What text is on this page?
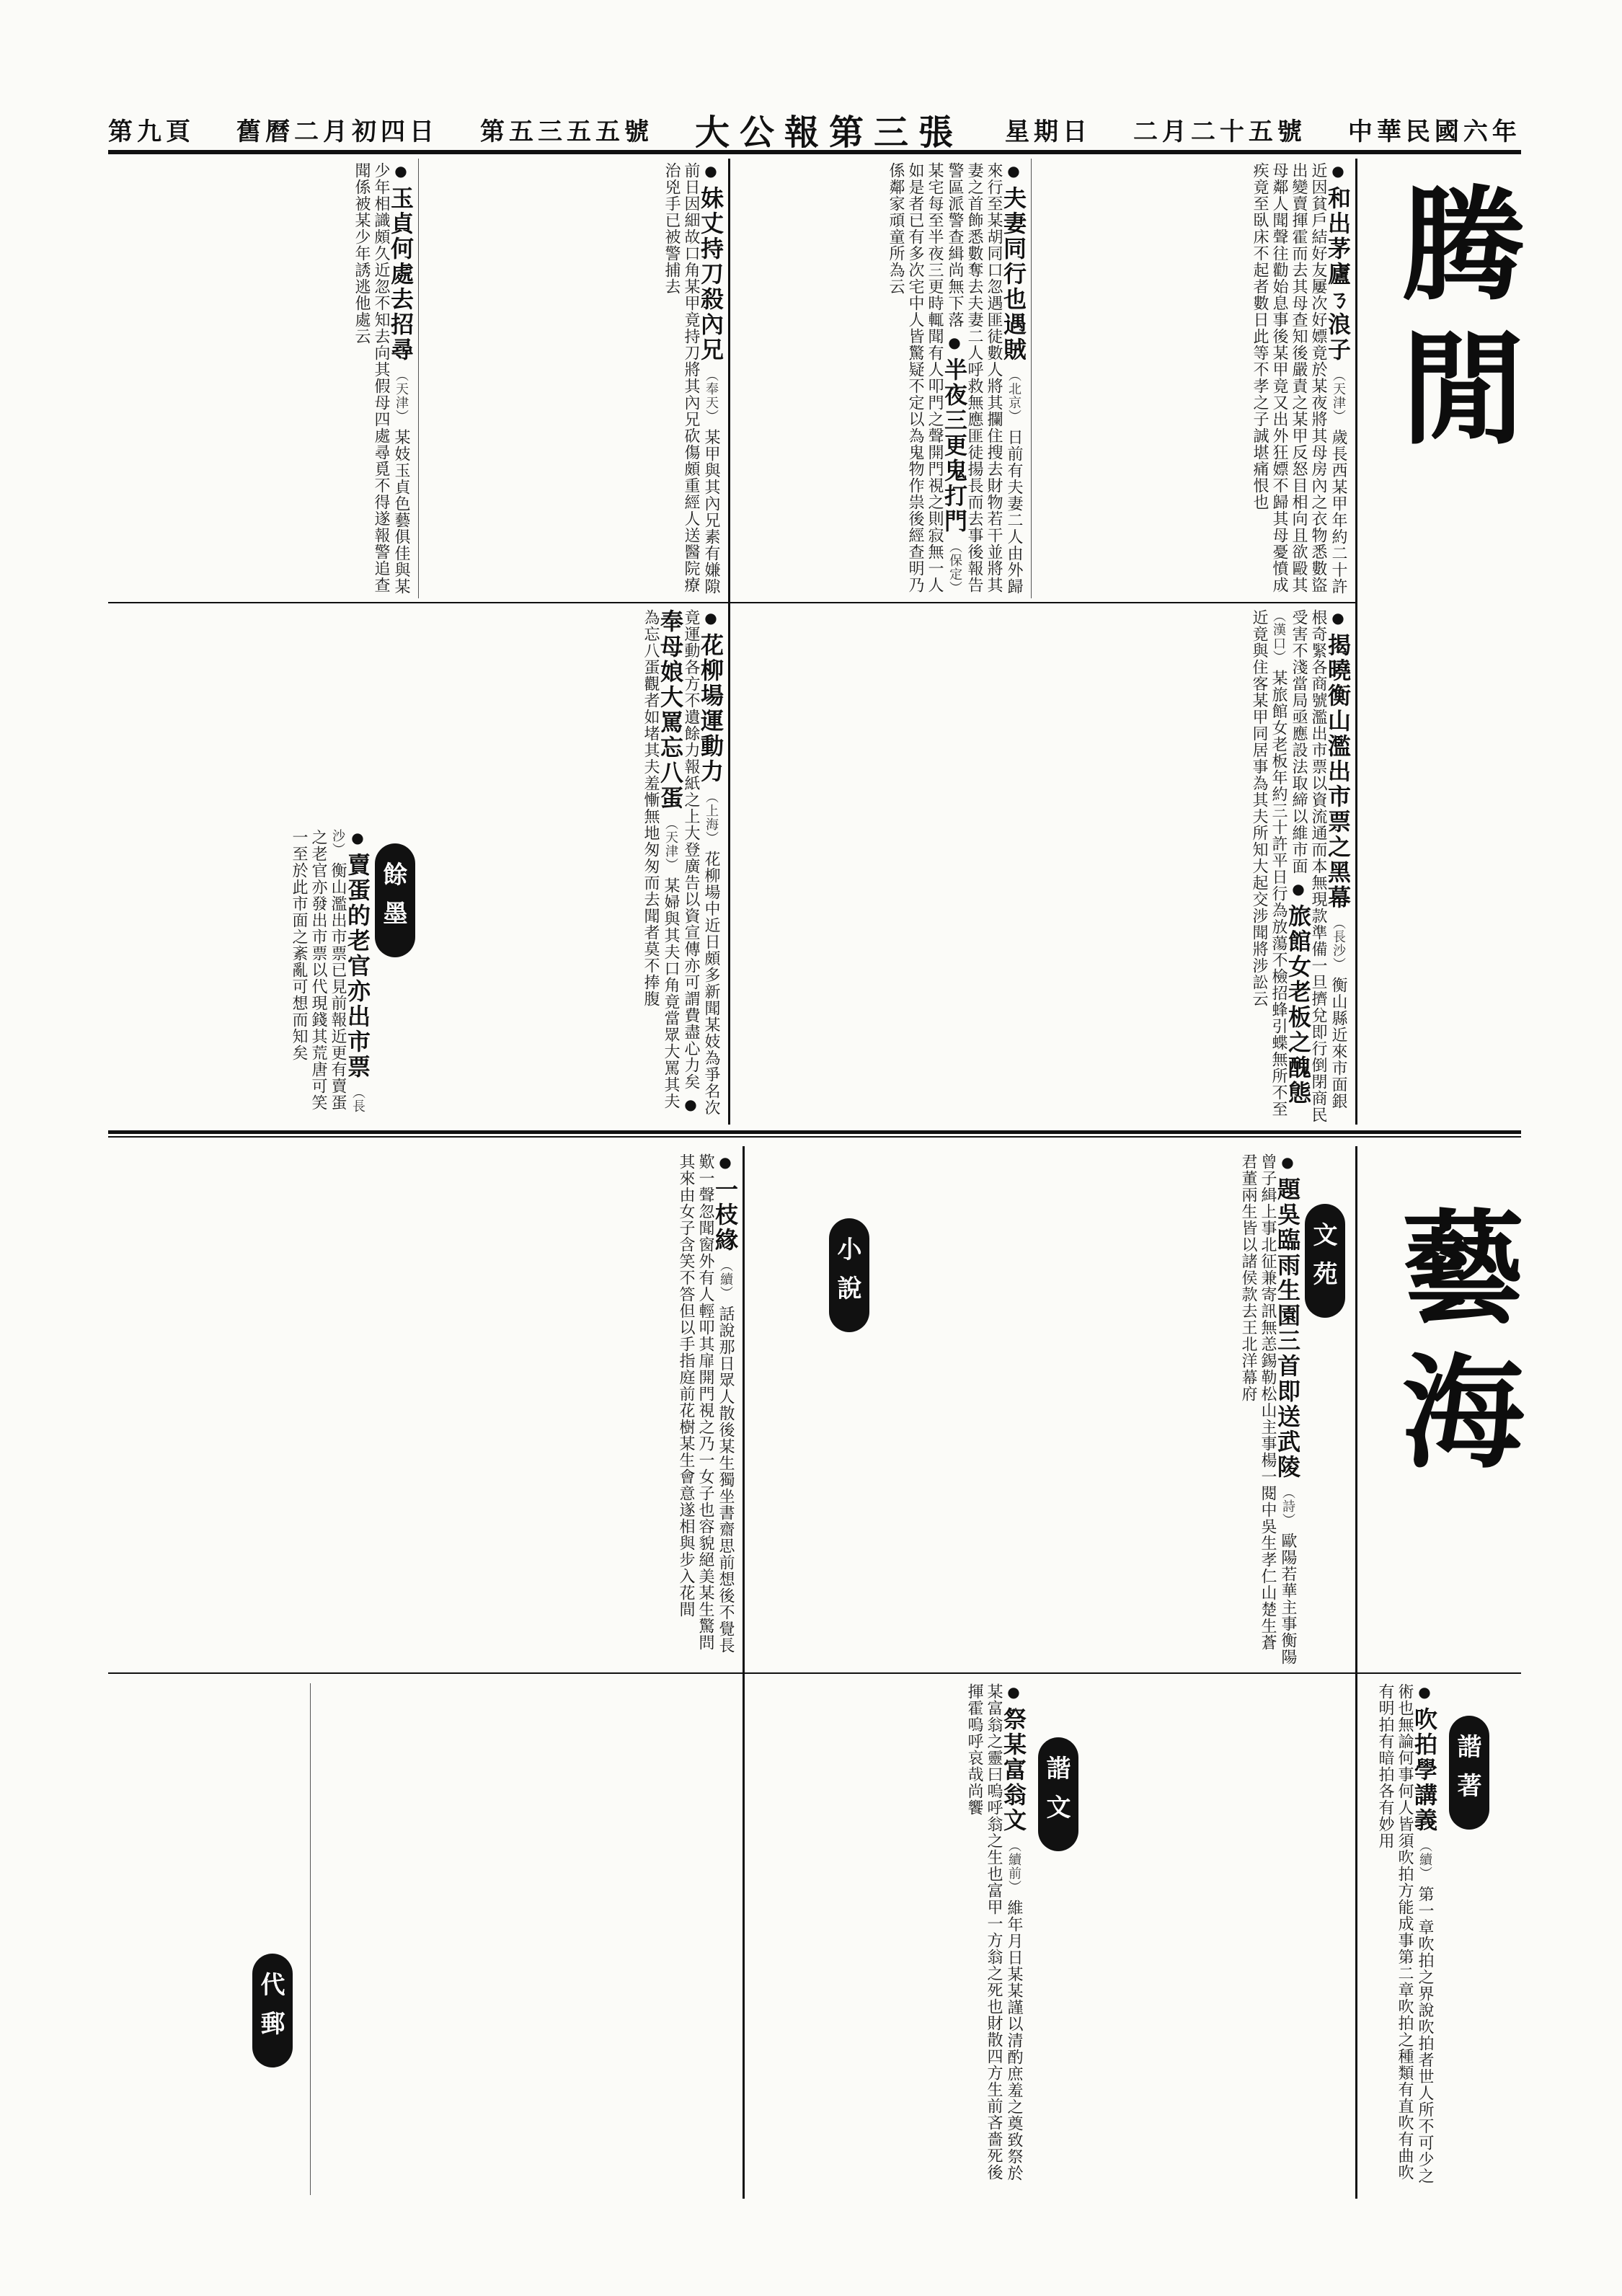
第九頁 舊曆二月初四日 第五三五五號 大公報第三張 星期日 二月二十五號 中華民國六年
腾閒
藝海
● 和出茅廬ㄋ浪子 （天津） 歲長西某甲年約二十許近因貧戶結好友屢次好嫖竟於某夜將其母房內之衣物悉數盜出變賣揮霍而去其母查知後嚴責之某甲反怒目相向且欲毆其母鄰人聞聲往勸始息事後某甲竟又出外狂嫖不歸其母憂憤成疾竟至臥床不起者數日此等不孝之子誠堪痛恨也
● 夫妻同行也遇賊 （北京） 日前有夫妻二人由外歸來行至某胡同口忽遇匪徒數人將其攔住搜去財物若干並將其妻之首飾悉數奪去夫妻二人呼救無應匪徒揚長而去事後報告警區派警查緝尚無下落 ● 半夜三更鬼打門 （保定） 某宅每至半夜三更時輒聞有人叩門之聲開門視之則寂無一人如是者已有多次宅中人皆驚疑不定以為鬼物作祟後經查明乃係鄰家頑童所為云
● 妹丈持刀殺內兄 （奉天） 某甲與其內兄素有嫌隙前日因細故口角某甲竟持刀將其內兄砍傷頗重經人送醫院療治兇手已被警捕去
● 玉貞何處去招尋 （天津） 某妓玉貞色藝俱佳與某少年相識頗久近忽不知去向其假母四處尋覓不得遂報警追查聞係被某少年誘逃他處云
● 揭曉衡山濫出市票之黑幕 （長沙） 衡山縣近來市面銀根奇緊各商號濫出市票以資流通而本無現款準備一旦擠兌即行倒閉商民受害不淺當局亟應設法取締以維市面 ● 旅館女老板之醜態 （漢口） 某旅館女老板年約三十許平日行為放蕩不檢招蜂引蝶無所不至近竟與住客某甲同居事為其夫所知大起交涉聞將涉訟云
● 花柳場運動力 （上海） 花柳場中近日頗多新聞某妓為爭名次竟運動各方不遺餘力報紙之上大登廣告以資宣傳亦可謂費盡心力矣 ● 奉母娘大罵忘八蛋 （天津） 某婦與其夫口角竟當眾大罵其夫為忘八蛋觀者如堵其夫羞慚無地匆匆而去聞者莫不捧腹
餘墨
● 賣蛋的老官亦出市票 （長沙） 衡山濫出市票已見前報近更有賣蛋之老官亦發出市票以代現錢其荒唐可笑一至於此市面之紊亂可想而知矣
文苑
● 題吳臨雨生園三首即送武陵 （詩） 歐陽若華主事衡陽曾子緝上事北征兼寄訊無恙錫勒松山主事楊一閱中吳生孝仁山楚生蒼君董兩生皆以諸侯款去王北洋幕府
小說
● 一枝緣 （續） 話說那日眾人散後某生獨坐書齋思前想後不覺長歎一聲忽聞窗外有人輕叩其扉開門視之乃一女子也容貌絕美某生驚問其來由女子含笑不答但以手指庭前花樹某生會意遂相與步入花間
諧著
● 吹拍學講義 （續） 第一章吹拍之界說吹拍者世人所不可少之術也無論何事何人皆須吹拍方能成事第二章吹拍之種類有直吹有曲吹有明拍有暗拍各有妙用
諧文
● 祭某富翁文 （續前） 維年月日某某謹以清酌庶羞之奠致祭於某富翁之靈曰嗚呼翁之生也富甲一方翁之死也財散四方生前吝嗇死後揮霍嗚呼哀哉尚饗
代郵
